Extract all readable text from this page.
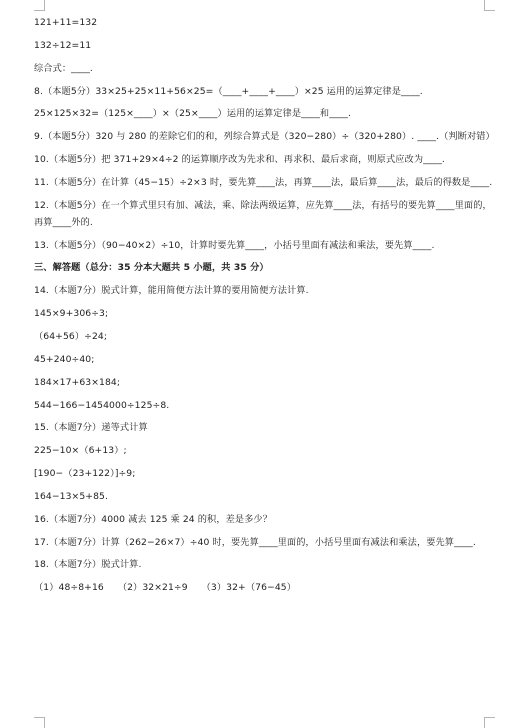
121+11=132

132÷12=11

综合式：____.

8.（本题5分）33×25+25×11+56×25=（____+____+____）×25 运用的运算定律是____.

25×125×32=（125×____）×（25×____）运用的运算定律是____和____.

9.（本题5分）320 与 280 的差除它们的和，列综合算式是（320−280）÷（320+280）. ____.（判断对错）

10.（本题5分）把 371+29×4÷2 的运算顺序改为先求和、再求积、最后求商，则原式应改为____.

11.（本题5分）在计算（45−15）÷2×3 时，要先算____法，再算____法，最后算____法，最后的得数是____.

12.（本题5分）在一个算式里只有加、减法，乘、除法两级运算，应先算____法，有括号的要先算____里面的，再算____外的.

13.（本题5分）（90−40×2）÷10，计算时要先算____，小括号里面有减法和乘法，要先算____.

三、解答题（总分：35 分本大题共 5 小题，共 35 分）

14.（本题7分）脱式计算，能用简便方法计算的要用简便方法计算.

145×9+306÷3;

（64+56）÷24;

45+240÷40;

184×17+63×184;

544−166−1454000÷125÷8.

15.（本题7分）递等式计算

225−10×（6+13）;

[190−（23+122）]÷9;

164−13×5+85.

16.（本题7分）4000 减去 125 乘 24 的积，差是多少？

17.（本题7分）计算（262−26×7）÷40 时，要先算____里面的，小括号里面有减法和乘法，要先算____.

18.（本题7分）脱式计算.

（1）48÷8+16　　（2）32×21÷9　　（3）32+（76−45）
